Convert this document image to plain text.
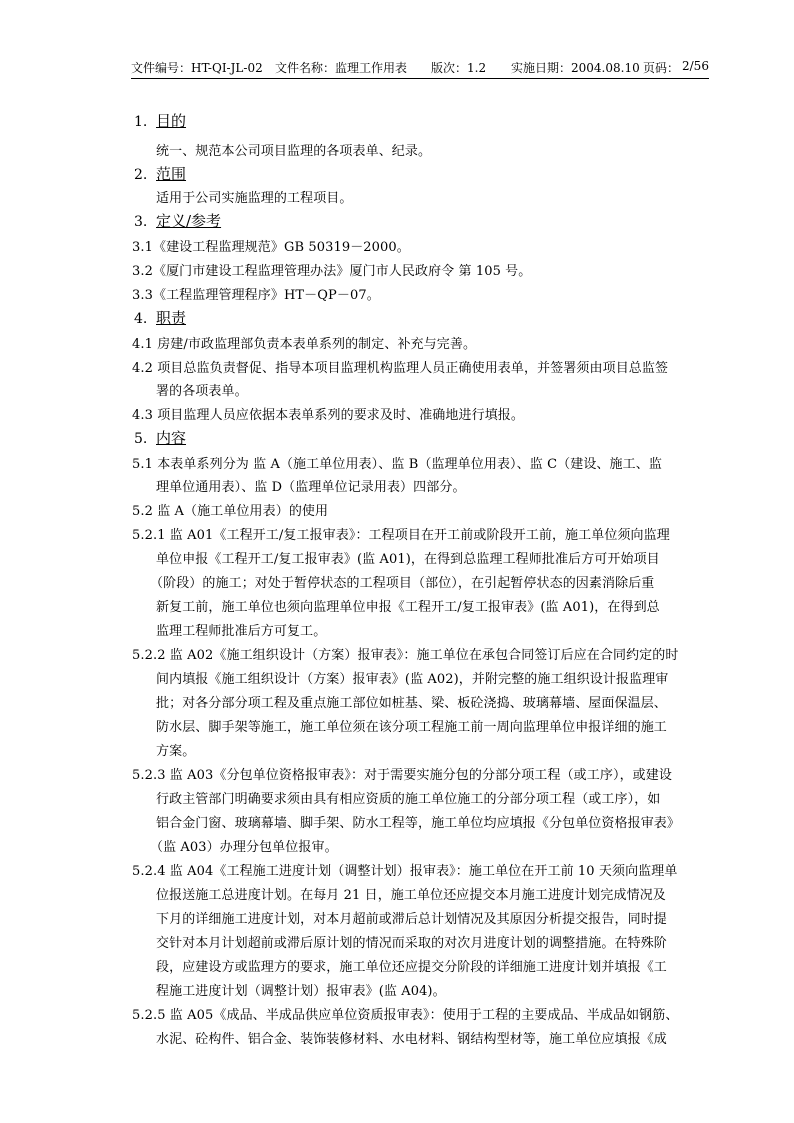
文件编号：HT-QI-JL-02 文件名称：监理工作用表 版次：1.2 实施日期：2004.08.10 页码： 2/56
1. 目的
统一、规范本公司项目监理的各项表单、纪录。
2. 范围
适用于公司实施监理的工程项目。
3. 定义/参考
3.1《建设工程监理规范》GB 50319－2000。
3.2《厦门市建设工程监理管理办法》厦门市人民政府令 第 105 号。
3.3《工程监理管理程序》HT－QP－07。
4. 职责
4.1 房建/市政监理部负责本表单系列的制定、补充与完善。
4.2 项目总监负责督促、指导本项目监理机构监理人员正确使用表单，并签署须由项目总监签
署的各项表单。
4.3 项目监理人员应依据本表单系列的要求及时、准确地进行填报。
5. 内容
5.1 本表单系列分为 监 A（施工单位用表）、监 B（监理单位用表）、监 C（建设、施工、监
理单位通用表）、监 D（监理单位记录用表）四部分。
5.2 监 A（施工单位用表）的使用
5.2.1 监 A01《工程开工/复工报审表》：工程项目在开工前或阶段开工前，施工单位须向监理
单位申报《工程开工/复工报审表》(监 A01)，在得到总监理工程师批准后方可开始项目
（阶段）的施工；对处于暂停状态的工程项目（部位），在引起暂停状态的因素消除后重
新复工前，施工单位也须向监理单位申报《工程开工/复工报审表》(监 A01)，在得到总
监理工程师批准后方可复工。
5.2.2 监 A02《施工组织设计（方案）报审表》：施工单位在承包合同签订后应在合同约定的时
间内填报《施工组织设计（方案）报审表》(监 A02)，并附完整的施工组织设计报监理审
批；对各分部分项工程及重点施工部位如桩基、梁、板砼浇捣、玻璃幕墙、屋面保温层、
防水层、脚手架等施工，施工单位须在该分项工程施工前一周向监理单位申报详细的施工
方案。
5.2.3 监 A03《分包单位资格报审表》：对于需要实施分包的分部分项工程（或工序），或建设
行政主管部门明确要求须由具有相应资质的施工单位施工的分部分项工程（或工序），如
铝合金门窗、玻璃幕墙、脚手架、防水工程等，施工单位均应填报《分包单位资格报审表》
（监 A03）办理分包单位报审。
5.2.4 监 A04《工程施工进度计划（调整计划）报审表》：施工单位在开工前 10 天须向监理单
位报送施工总进度计划。在每月 21 日，施工单位还应提交本月施工进度计划完成情况及
下月的详细施工进度计划，对本月超前或滞后总计划情况及其原因分析提交报告，同时提
交针对本月计划超前或滞后原计划的情况而采取的对次月进度计划的调整措施。在特殊阶
段，应建设方或监理方的要求，施工单位还应提交分阶段的详细施工进度计划并填报《工
程施工进度计划（调整计划）报审表》(监 A04)。
5.2.5 监 A05《成品、半成品供应单位资质报审表》：使用于工程的主要成品、半成品如钢筋、
水泥、砼构件、铝合金、装饰装修材料、水电材料、钢结构型材等，施工单位应填报《成
